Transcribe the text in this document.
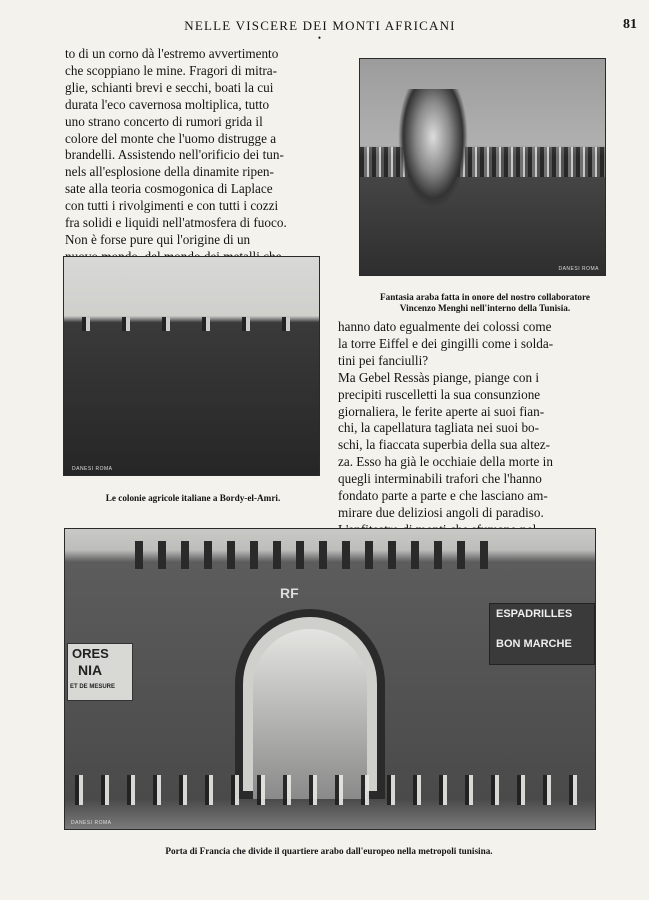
NELLE VISCERE DEI MONTI AFRICANI
•
81
to di un corno dà l'estremo avvertimento
che scoppiano le mine. Fragori di mitra-
glie, schianti brevi e secchi, boati la cui
durata l'eco cavernosa moltiplica, tutto
uno strano concerto di rumori grida il
colore del monte che l'uomo distrugge a
brandelli. Assistendo nell'orificio dei tun-
nels all'esplosione della dinamite ripen-
sate alla teoria cosmogonica di Laplace
con tutti i rivolgimenti e con tutti i cozzi
fra solidi e liquidi nell'atmosfera di fuoco.
Non è forse pure qui l'origine di un

DANESI ROMA
Fantasia araba fatta in onore del nostro collaboratore
Vincenzo Menghi nell'interno della Tunisia.
DANESI ROMA
Le colonie agricole italiane a Bordy-el-Amri.
hanno dato egualmente dei colossi come
la torre Eiffel e dei gingilli come i solda-
tini pei fanciulli?
Ma Gebel Ressàs piange, piange con i
precipiti ruscelletti la sua consunzione
giornaliera, le ferite aperte ai suoi fian-
chi, la capellatura tagliata nei suoi bo-
schi, la fiaccata superbia della sua altez-
za. Esso ha già le occhiaie della morte in
quegli interminabili trafori che l'hanno
fondato parte a parte e che lasciano am-
mirare due deliziosi angoli di paradiso.

RF
ORES
NIA
ET DE MESURE
ESPADRILLES
BON MARCHE
DANESI ROMA
Porta di Francia che divide il quartiere arabo dall'europeo nella metropoli tunisina.
